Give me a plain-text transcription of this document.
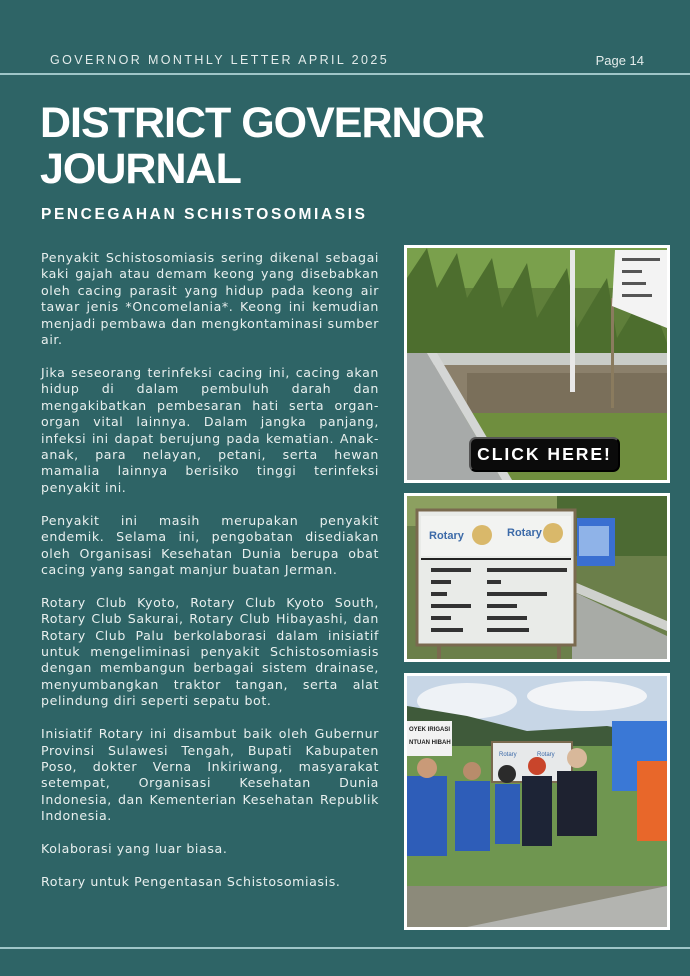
GOVERNOR MONTHLY LETTER APRIL 2025	Page 14
DISTRICT GOVERNOR
JOURNAL
PENCEGAHAN SCHISTOSOMIASIS

Penyakit Schistosomiasis sering dikenal sebagai kaki gajah atau demam keong yang disebabkan oleh cacing parasit yang hidup pada keong air tawar jenis *Oncomelania*. Keong ini kemudian menjadi pembawa dan mengkontaminasi sumber air.

Jika seseorang terinfeksi cacing ini, cacing akan hidup di dalam pembuluh darah dan mengakibatkan pembesaran hati serta organ-organ vital lainnya. Dalam jangka panjang, infeksi ini dapat berujung pada kematian. Anak-anak, para nelayan, petani, serta hewan mamalia lainnya berisiko tinggi terinfeksi penyakit ini.

Penyakit ini masih merupakan penyakit endemik. Selama ini, pengobatan disediakan oleh Organisasi Kesehatan Dunia berupa obat cacing yang sangat manjur buatan Jerman.

Rotary Club Kyoto, Rotary Club Kyoto South, Rotary Club Sakurai, Rotary Club Hibayashi, dan Rotary Club Palu berkolaborasi dalam inisiatif untuk mengeliminasi penyakit Schistosomiasis dengan membangun berbagai sistem drainase, menyumbangkan traktor tangan, serta alat pelindung diri seperti sepatu bot.

Inisiatif Rotary ini disambut baik oleh Gubernur Provinsi Sulawesi Tengah, Bupati Kabupaten Poso, dokter Verna Inkiriwang, masyarakat setempat, Organisasi Kesehatan Dunia Indonesia, dan Kementerian Kesehatan Republik Indonesia.

Kolaborasi yang luar biasa.

Rotary untuk Pengentasan Schistosomiasis.

CLICK HERE!
Rotary	Rotary
OYEK IRIGASI
NTUAN HIBAH
Rotary	Rotary
